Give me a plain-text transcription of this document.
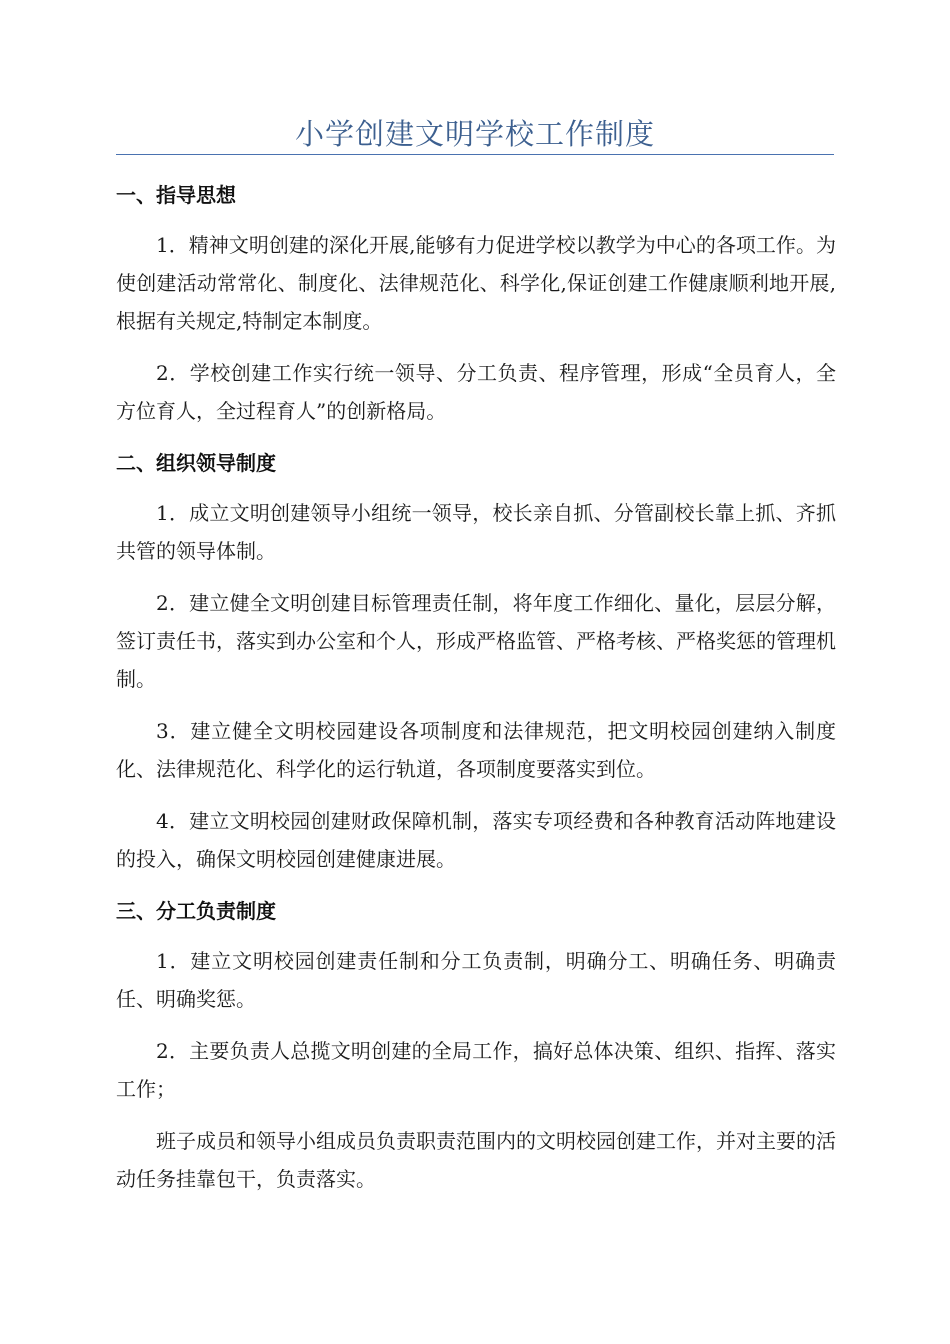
小学创建文明学校工作制度
一、指导思想

1．精神文明创建的深化开展,能够有力促进学校以教学为中心的各项工作。为使创建活动常常化、制度化、法律规范化、科学化,保证创建工作健康顺利地开展,根据有关规定,特制定本制度。

2．学校创建工作实行统一领导、分工负责、程序管理，形成“全员育人，全方位育人，全过程育人”的创新格局。

二、组织领导制度

1．成立文明创建领导小组统一领导，校长亲自抓、分管副校长靠上抓、齐抓共管的领导体制。

2．建立健全文明创建目标管理责任制，将年度工作细化、量化，层层分解，签订责任书，落实到办公室和个人，形成严格监管、严格考核、严格奖惩的管理机制。

3．建立健全文明校园建设各项制度和法律规范，把文明校园创建纳入制度化、法律规范化、科学化的运行轨道，各项制度要落实到位。

4．建立文明校园创建财政保障机制，落实专项经费和各种教育活动阵地建设的投入，确保文明校园创建健康进展。

三、分工负责制度

1．建立文明校园创建责任制和分工负责制，明确分工、明确任务、明确责任、明确奖惩。

2．主要负责人总揽文明创建的全局工作，搞好总体决策、组织、指挥、落实工作；

班子成员和领导小组成员负责职责范围内的文明校园创建工作，并对主要的活动任务挂靠包干，负责落实。
